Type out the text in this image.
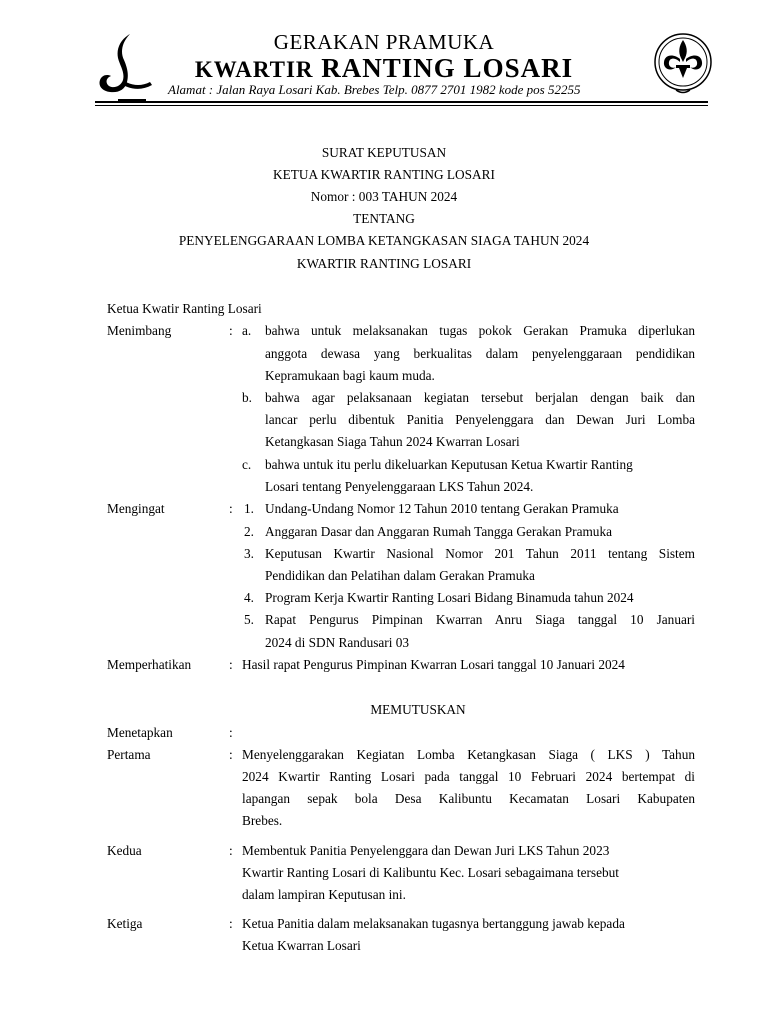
GERAKAN PRAMUKA
KWARTIR RANTING LOSARI
Alamat : Jalan Raya Losari Kab. Brebes Telp. 0877 2701 1982 kode pos 52255
SURAT KEPUTUSAN
KETUA KWARTIR RANTING LOSARI
Nomor : 003 TAHUN 2024
TENTANG
PENYELENGGARAAN LOMBA KETANGKASAN SIAGA TAHUN 2024
KWARTIR RANTING LOSARI
Ketua Kwatir Ranting Losari
Menimbang	: a. bahwa untuk melaksanakan tugas pokok Gerakan Pramuka diperlukan
anggota dewasa yang berkualitas dalam penyelenggaraan pendidikan
Kepramukaan bagi kaum muda.
b. bahwa agar pelaksanaan kegiatan tersebut berjalan dengan baik dan
lancar perlu dibentuk Panitia Penyelenggara dan Dewan Juri Lomba
Ketangkasan Siaga Tahun 2024 Kwarran Losari
c. bahwa untuk itu perlu dikeluarkan Keputusan Ketua Kwartir Ranting
Losari tentang Penyelenggaraan LKS Tahun 2024.
Mengingat	: 1. Undang-Undang Nomor 12 Tahun 2010 tentang Gerakan Pramuka
2. Anggaran Dasar dan Anggaran Rumah Tangga Gerakan Pramuka
3. Keputusan Kwartir Nasional Nomor 201 Tahun 2011 tentang Sistem
Pendidikan dan Pelatihan dalam Gerakan Pramuka
4. Program Kerja Kwartir Ranting Losari Bidang Binamuda tahun 2024
5. Rapat Pengurus Pimpinan Kwarran Anru Siaga tanggal 10 Januari
2024 di SDN Randusari 03
Memperhatikan	: Hasil rapat Pengurus Pimpinan Kwarran Losari tanggal 10 Januari 2024
MEMUTUSKAN
Menetapkan	:
Pertama	: Menyelenggarakan Kegiatan Lomba Ketangkasan Siaga ( LKS ) Tahun
2024 Kwartir Ranting Losari pada tanggal 10 Februari 2024 bertempat di
lapangan sepak bola Desa Kalibuntu Kecamatan Losari Kabupaten
Brebes.
Kedua	: Membentuk Panitia Penyelenggara dan Dewan Juri LKS Tahun 2023
Kwartir Ranting Losari di Kalibuntu Kec. Losari sebagaimana tersebut
dalam lampiran Keputusan ini.
Ketiga	: Ketua Panitia dalam melaksanakan tugasnya bertanggung jawab kepada
Ketua Kwarran Losari
